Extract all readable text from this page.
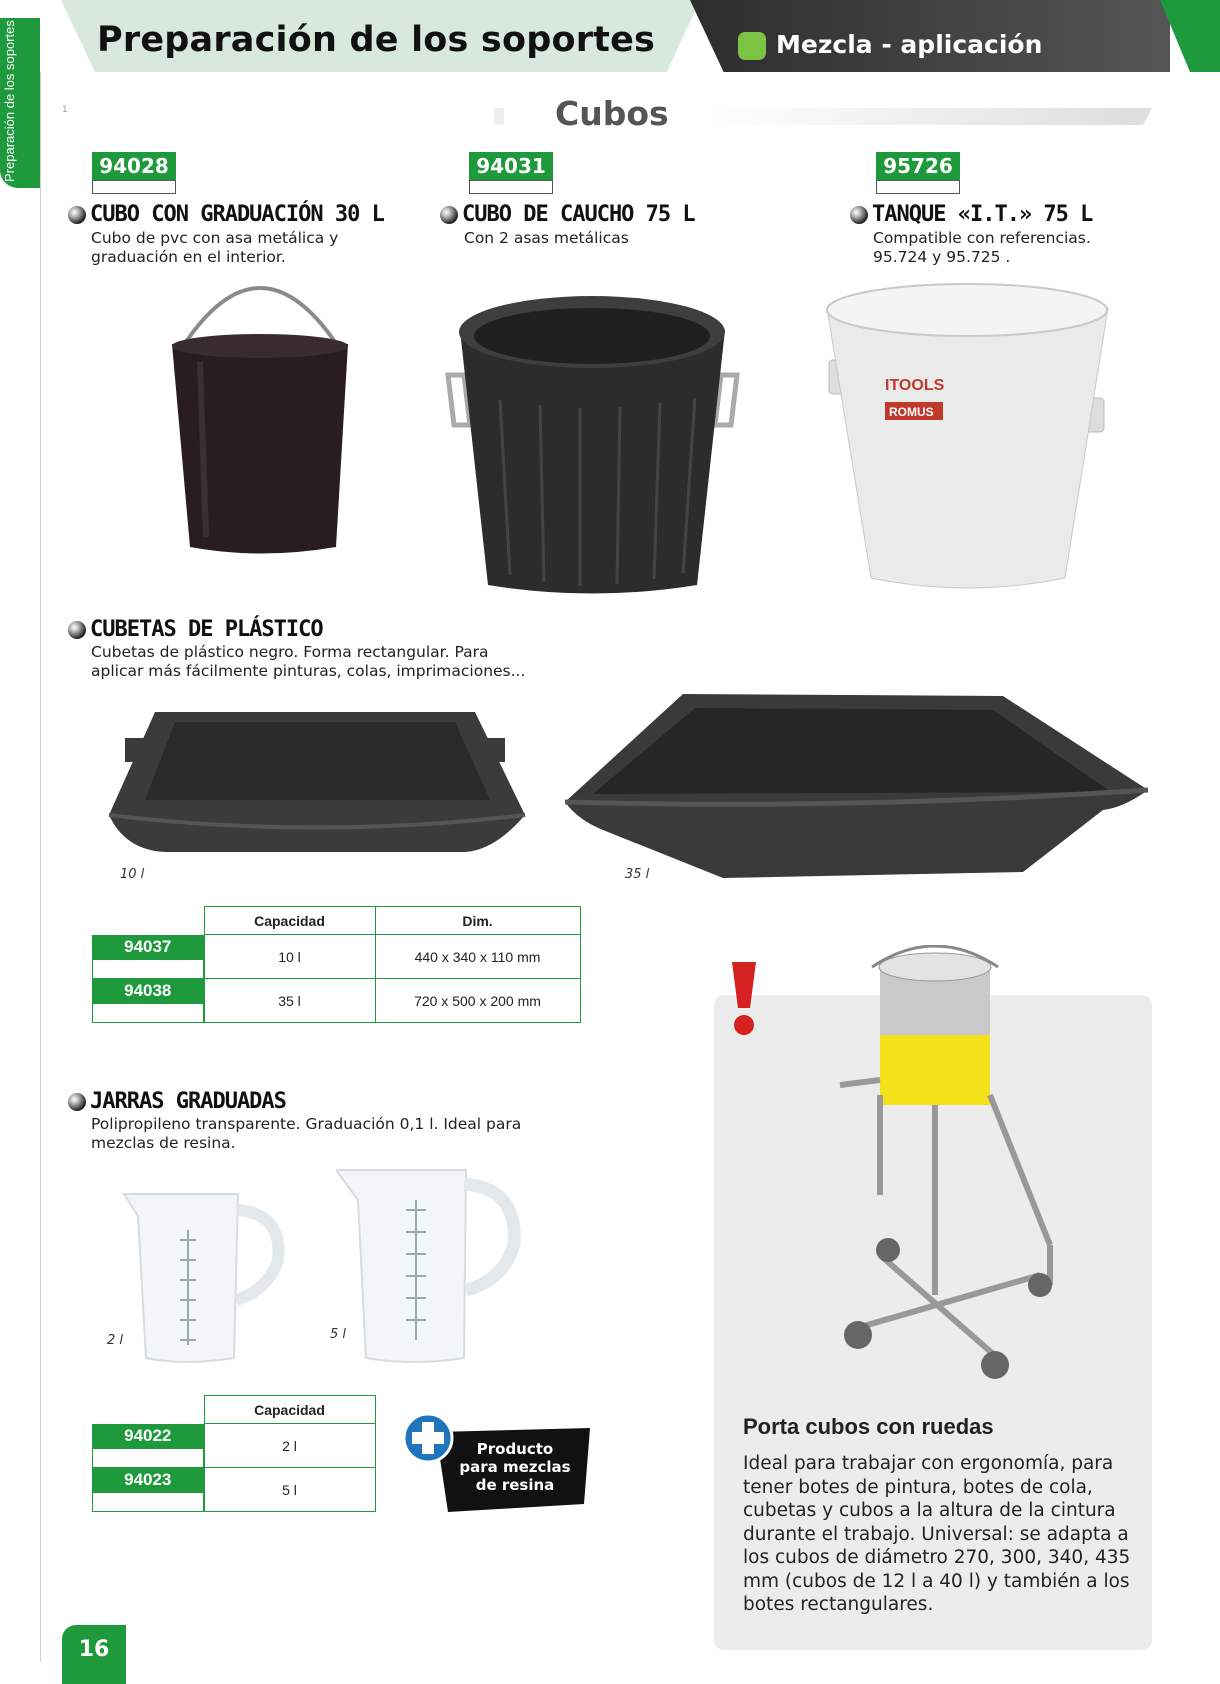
Preparación de los soportes	Mezcla - aplicación
Preparación de los soportes	1	Cubos
94028
CUBO CON GRADUACIÓN 30 L
Cubo de pvc con asa metálica y graduación en el interior.
94031
CUBO DE CAUCHO 75 L
Con 2 asas metálicas
95726
TANQUE «I.T.» 75 L
Compatible con referencias. 95.724 y 95.725 .
ITOOLS
ROMUS
CUBETAS DE PLÁSTICO
Cubetas de plástico negro. Forma rectangular. Para aplicar más fácilmente pinturas, colas, imprimaciones...
10 l	35 l
	Capacidad	Dim.

94037	10 l	440 x 340 x 110 mm

94038	35 l	720 x 500 x 200 mm
JARRAS GRADUADAS
Polipropileno transparente. Graduación 0,1 l. Ideal para mezclas de resina.
2 l	5 l
	Capacidad

94022	2 l

94023	5 l
Producto
para mezclas
de resina
Porta cubos con ruedas
Ideal para trabajar con ergonomía, para tener botes de pintura, botes de cola, cubetas y cubos a la altura de la cintura durante el trabajo. Universal: se adapta a los cubos de diámetro 270, 300, 340, 435 mm (cubos de 12 l a 40 l) y también a los botes rectangulares.
16
